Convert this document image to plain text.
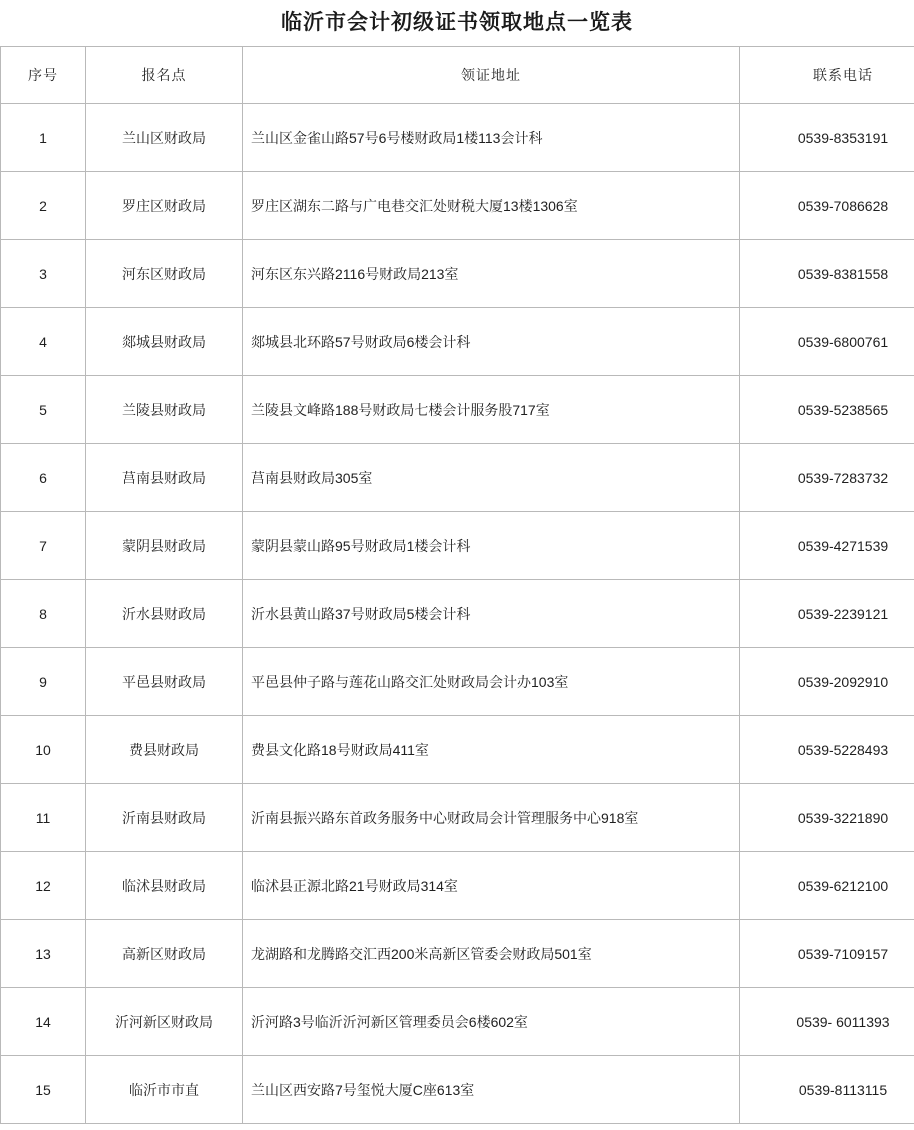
临沂市会计初级证书领取地点一览表
序号	报名点	领证地址	联系电话
1	兰山区财政局	兰山区金雀山路57号6号楼财政局1楼113会计科	0539-8353191
2	罗庄区财政局	罗庄区湖东二路与广电巷交汇处财税大厦13楼1306室	0539-7086628
3	河东区财政局	河东区东兴路2116号财政局213室	0539-8381558
4	郯城县财政局	郯城县北环路57号财政局6楼会计科	0539-6800761
5	兰陵县财政局	兰陵县文峰路188号财政局七楼会计服务股717室	0539-5238565
6	莒南县财政局	莒南县财政局305室	0539-7283732
7	蒙阴县财政局	蒙阴县蒙山路95号财政局1楼会计科	0539-4271539
8	沂水县财政局	沂水县黄山路37号财政局5楼会计科	0539-2239121
9	平邑县财政局	平邑县仲子路与莲花山路交汇处财政局会计办103室	0539-2092910
10	费县财政局	费县文化路18号财政局411室	0539-5228493
11	沂南县财政局	沂南县振兴路东首政务服务中心财政局会计管理服务中心918室	0539-3221890
12	临沭县财政局	临沭县正源北路21号财政局314室	0539-6212100
13	高新区财政局	龙湖路和龙腾路交汇西200米高新区管委会财政局501室	0539-7109157
14	沂河新区财政局	沂河路3号临沂沂河新区管理委员会6楼602室	0539- 6011393
15	临沂市市直	兰山区西安路7号玺悦大厦C座613室	0539-8113115
